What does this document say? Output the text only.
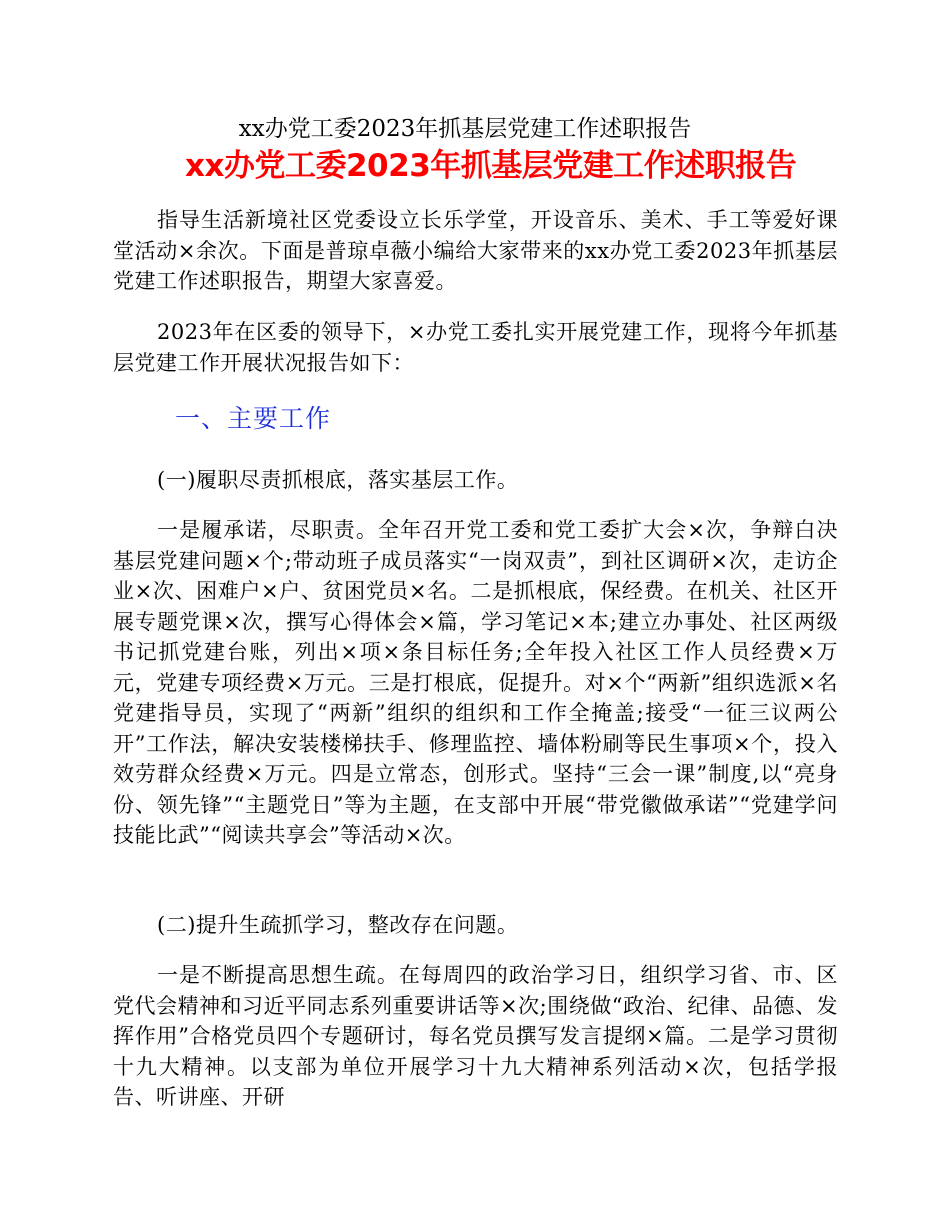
xx办党工委2023年抓基层党建工作述职报告
xx办党工委2023年抓基层党建工作述职报告

指导生活新境社区党委设立长乐学堂，开设音乐、美术、手工等爱好课堂活动×余次。下面是普琼卓薇小编给大家带来的xx办党工委2023年抓基层党建工作述职报告，期望大家喜爱。

2023年在区委的领导下，×办党工委扎实开展党建工作，现将今年抓基层党建工作开展状况报告如下：

一、主要工作
(一)履职尽责抓根底，落实基层工作。

一是履承诺，尽职责。全年召开党工委和党工委扩大会×次，争辩白决基层党建问题×个;带动班子成员落实“一岗双责”，到社区调研×次，走访企业×次、困难户×户、贫困党员×名。二是抓根底，保经费。在机关、社区开展专题党课×次，撰写心得体会×篇，学习笔记×本;建立办事处、社区两级书记抓党建台账，列出×项×条目标任务;全年投入社区工作人员经费×万元，党建专项经费×万元。三是打根底，促提升。对×个“两新”组织选派×名党建指导员，实现了“两新”组织的组织和工作全掩盖;接受“一征三议两公开”工作法，解决安装楼梯扶手、修理监控、墙体粉刷等民生事项×个，投入效劳群众经费×万元。四是立常态，创形式。坚持“三会一课”制度,以“亮身份、领先锋”“主题党日”等为主题，在支部中开展“带党徽做承诺”“党建学问技能比武”“阅读共享会”等活动×次。

(二)提升生疏抓学习，整改存在问题。

一是不断提高思想生疏。在每周四的政治学习日，组织学习省、市、区党代会精神和习近平同志系列重要讲话等×次;围绕做“政治、纪律、品德、发挥作用”合格党员四个专题研讨，每名党员撰写发言提纲×篇。二是学习贯彻十九大精神。以支部为单位开展学习十九大精神系列活动×次，包括学报告、听讲座、开研
